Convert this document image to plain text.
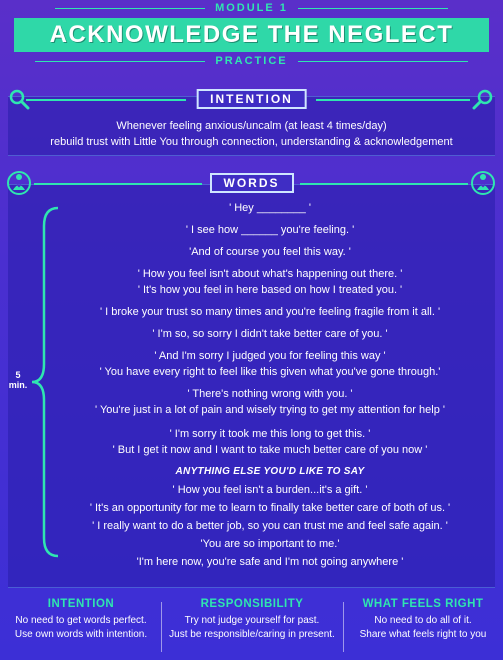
MODULE 1
ACKNOWLEDGE THE NEGLECT
PRACTICE
INTENTION
Whenever feeling anxious/uncalm (at least 4 times/day)
rebuild trust with Little You through connection, understanding & acknowledgement
WORDS
5
min.
' Hey ________ '
' I see how ______ you're feeling. '
'And of course you feel this way. '
' How you feel isn't about what's happening out there. '
' It's how you feel in here based on how I treated you. '
' I broke your trust so many times and you're feeling fragile from it all. '
' I'm so, so sorry I didn't take better care of you. '
' And I'm sorry I judged you for feeling this way '
' You have every right to feel like this given what you've gone through.'
' There's nothing wrong with you. '
' You're just in a lot of pain and wisely trying to get my attention for help '
' I'm sorry it took me this long to get this. '
' But I get it now and I want to take much better care of you now '
ANYTHING ELSE YOU'D LIKE TO SAY
' How you feel isn't a burden...it's a gift. '
' It's an opportunity for me to learn to finally take better care of both of us. '
' I really want to do a better job, so you can trust me and feel safe again. '
'You are so important to me.'
'I'm here now, you're safe and I'm not going anywhere '
INTENTION

No need to get words perfect.

Use own words with intention.

RESPONSIBILITY

Try not judge yourself for past.

Just be responsible/caring in present.

WHAT FEELS RIGHT

No need to do all of it.

Share what feels right to you
